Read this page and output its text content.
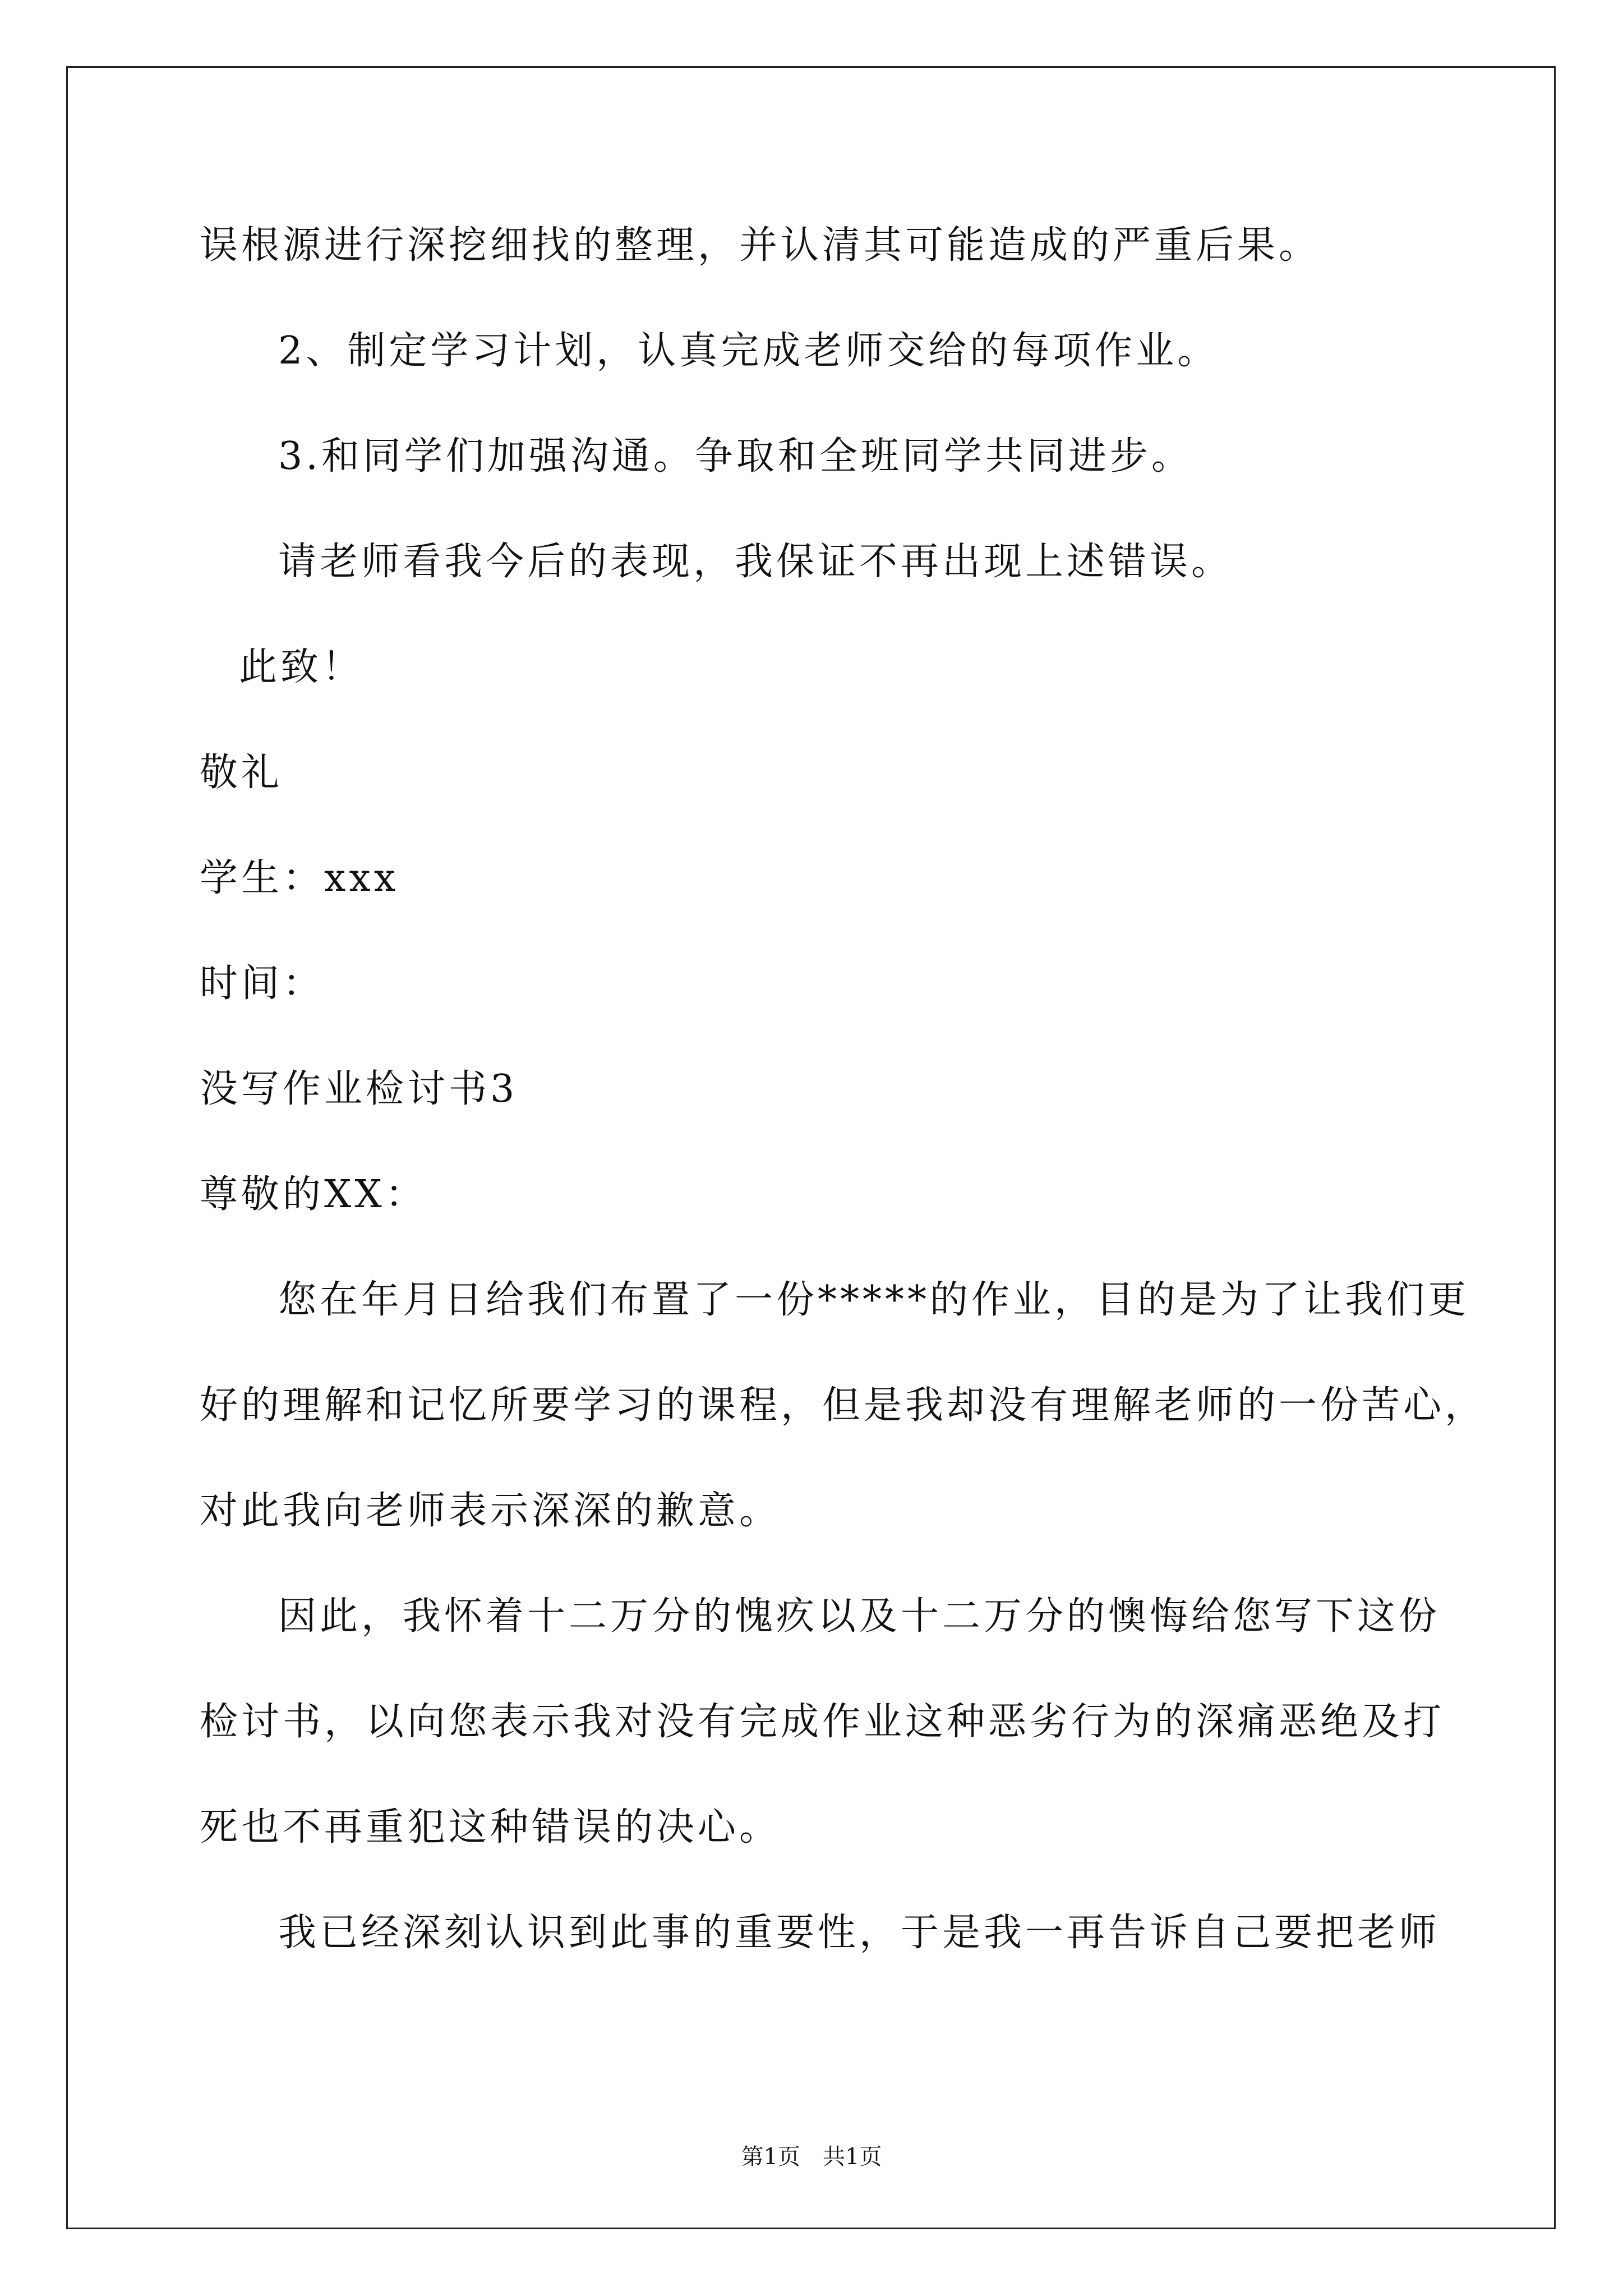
误根源进行深挖细找的整理，并认清其可能造成的严重后果。
2、制定学习计划，认真完成老师交给的每项作业。
3.和同学们加强沟通。争取和全班同学共同进步。
请老师看我今后的表现，我保证不再出现上述错误。
此致！
敬礼
学生：xxx
时间：
没写作业检讨书3
尊敬的XX：
您在年月日给我们布置了一份*****的作业，目的是为了让我们更
好的理解和记忆所要学习的课程，但是我却没有理解老师的一份苦心，
对此我向老师表示深深的歉意。
因此，我怀着十二万分的愧疚以及十二万分的懊悔给您写下这份
检讨书，以向您表示我对没有完成作业这种恶劣行为的深痛恶绝及打
死也不再重犯这种错误的决心。
我已经深刻认识到此事的重要性，于是我一再告诉自己要把老师
第1页　共1页
